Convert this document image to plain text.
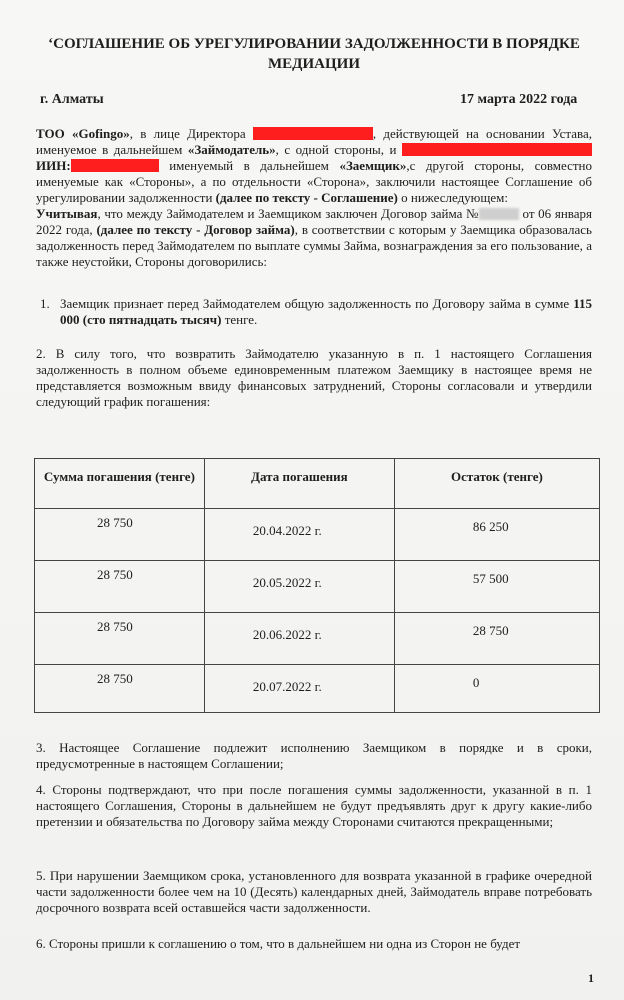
‘СОГЛАШЕНИЕ ОБ УРЕГУЛИРОВАНИИ ЗАДОЛЖЕННОСТИ В ПОРЯДКЕ МЕДИАЦИИ
г. Алматы	17 марта 2022 года

ТОО «Gofingo», в лице Директора	, действующей на основании Устава, именуемое в дальнейшем «Займодатель», с одной стороны, и  ИИН:	именуемый в дальнейшем «Заемщик»,с другой стороны, совместно именуемые как «Стороны», а по отдельности «Сторона», заключили настоящее Соглашение об урегулировании задолженности (далее по тексту - Соглашение) о нижеследующем:

Учитывая, что между Займодателем и Заемщиком заключен Договор займа №	от 06 января 2022 года, (далее по тексту - Договор займа), в соответствии с которым у Заемщика образовалась задолженность перед Займодателем по выплате суммы Займа, вознаграждения за его пользование, а также неустойки, Стороны договорились:

1. Заемщик признает перед Займодателем общую задолженность по Договору займа в сумме 115 000 (сто пятнадцать тысяч) тенге.
2. В силу того, что возвратить Займодателю указанную в п. 1 настоящего Соглашения задолженность в полном объеме единовременным платежом Заемщику в настоящее время не представляется возможным ввиду финансовых затруднений, Стороны согласовали и утвердили следующий график погашения:
Сумма погашения (тенге)	Дата погашения	Остаток (тенге)
28 750	20.04.2022 г.	86 250
28 750	20.05.2022 г.	57 500
28 750	20.06.2022 г.	28 750
28 750	20.07.2022 г.	0
3. Настоящее Соглашение подлежит исполнению Заемщиком в порядке и в сроки, предусмотренные в настоящем Соглашении;
4. Стороны подтверждают, что при после погашения суммы задолженности, указанной в п. 1 настоящего Соглашения, Стороны в дальнейшем не будут предъявлять друг к другу какие-либо претензии и обязательства по Договору займа между Сторонами считаются прекращенными;
5. При нарушении Заемщиком срока, установленного для возврата указанной в графике очередной части задолженности более чем на 10 (Десять) календарных дней, Займодатель вправе потребовать досрочного возврата всей оставшейся части задолженности.
6. Стороны пришли к соглашению о том, что в дальнейшем ни одна из Сторон не будет
1
